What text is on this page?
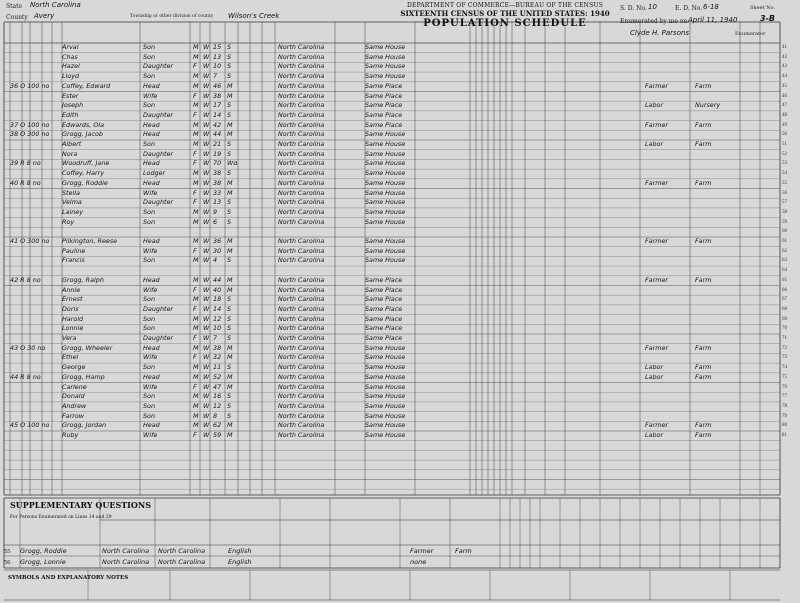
State North Carolina
County Avery	Township or other division of county	Wilson's Creek
DEPARTMENT OF COMMERCE—BUREAU OF THE CENSUS
SIXTEENTH CENSUS OF THE UNITED STATES: 1940
POPULATION SCHEDULE
S. D. No. 10	E. D. No. 6-18	Sheet No.
3-B
Enumerated by me on April 11, 1940
Clyde H. Parsons	Enumerator
Arval	Son	M W 15 S	North Carolina	Same House	41
Chas	Son	M W 13 S	North Carolina	Same House	42
Hazel	Daughter	F W 10 S	North Carolina	Same House	43
Lloyd	Son	M W 7	S	North Carolina	Same House	44
36 O 100 no	Coffey, Edward	Head	M W 46 M	North Carolina	Same Place	Farmer	Farm	45
Ester	Wife	F W 38 M	North Carolina	Same Place	46
Joseph	Son	M W 17 S	North Carolina	Same Place	Labor	Nursery	47
Edith	Daughter	F W 14 S	North Carolina	Same Place	48
37 O 100 no	Edwards, Ola	Head	M W 42 M	North Carolina	Same Place	Farmer	Farm	49
38 O 300 no	Grogg, Jacob	Head	M W 44 M	North Carolina	Same House	50
Albert	Son	M W 21 S	North Carolina	Same House	Labor	Farm	51
Nora	Daughter	F W 19 S	North Carolina	Same House	52
39 R 8 no	Woodruff, Jane	Head	F W 70 Wd	North Carolina	Same House	53
Coffey, Harry	Lodger	M W 38 S	North Carolina	Same House	54
40 R 8 no	Grogg, Roddie	Head	M W 38 M	North Carolina	Same House	Farmer	Farm	55
Stella	Wife	F W 33 M	North Carolina	Same House	56
Velma	Daughter	F W 13 S	North Carolina	Same House	57
Lainey	Son	M W 9	S	North Carolina	Same House	58
Roy	Son	M W 6	S	North Carolina	Same House	59
60
41 O 300 no	Pilkington, Reese	Head	M W 36 M	North Carolina	Same House	Farmer	Farm	61
Pauline	Wife	F W 30 M	North Carolina	Same House	62
Francis	Son	M W 4	S	North Carolina	Same House	63
64
42 R 8 no	Grogg, Ralph	Head	M W 44 M	North Carolina	Same Place	Farmer	Farm	65
Annie	Wife	F W 40 M	North Carolina	Same Place	66
Ernest	Son	M W 18 S	North Carolina	Same Place	67
Doris	Daughter	F W 14 S	North Carolina	Same Place	68
Harold	Son	M W 12 S	North Carolina	Same Place	69
Lonnie	Son	M W 10 S	North Carolina	Same Place	70
Vera	Daughter	F W 7	S	North Carolina	Same Place	71
43 O 30 no	Grogg, Wheeler	Head	M W 38 M	North Carolina	Same House	Farmer	Farm	72
Ethel	Wife	F W 32 M	North Carolina	Same House	73
George	Son	M W 11 S	North Carolina	Same House	Labor	Farm	74
44 R 8 no	Grogg, Hamp	Head	M W 52 M	North Carolina	Same House	Labor	Farm	75
Carlene	Wife	F W 47 M	North Carolina	Same House	76
Donald	Son	M W 16 S	North Carolina	Same House	77
Andrew	Son	M W 12 S	North Carolina	Same House	78
Farrow	Son	M W 8	S	North Carolina	Same House	79
45 O 100 no	Grogg, Jordan	Head	M W 62 M	North Carolina	Same House	Farmer	Farm	80
Ruby	Wife	F W 59 M	North Carolina	Same House	Labor	Farm	81
SUPPLEMENTARY QUESTIONS
For Persons Enumerated on Lines 14 and 29
55 Grogg, Roddie	North Carolina North Carolina	English	Farmer	Farm
56 Grogg, Lonnie	North Carolina North Carolina	English	none
SYMBOLS AND EXPLANATORY NOTES
